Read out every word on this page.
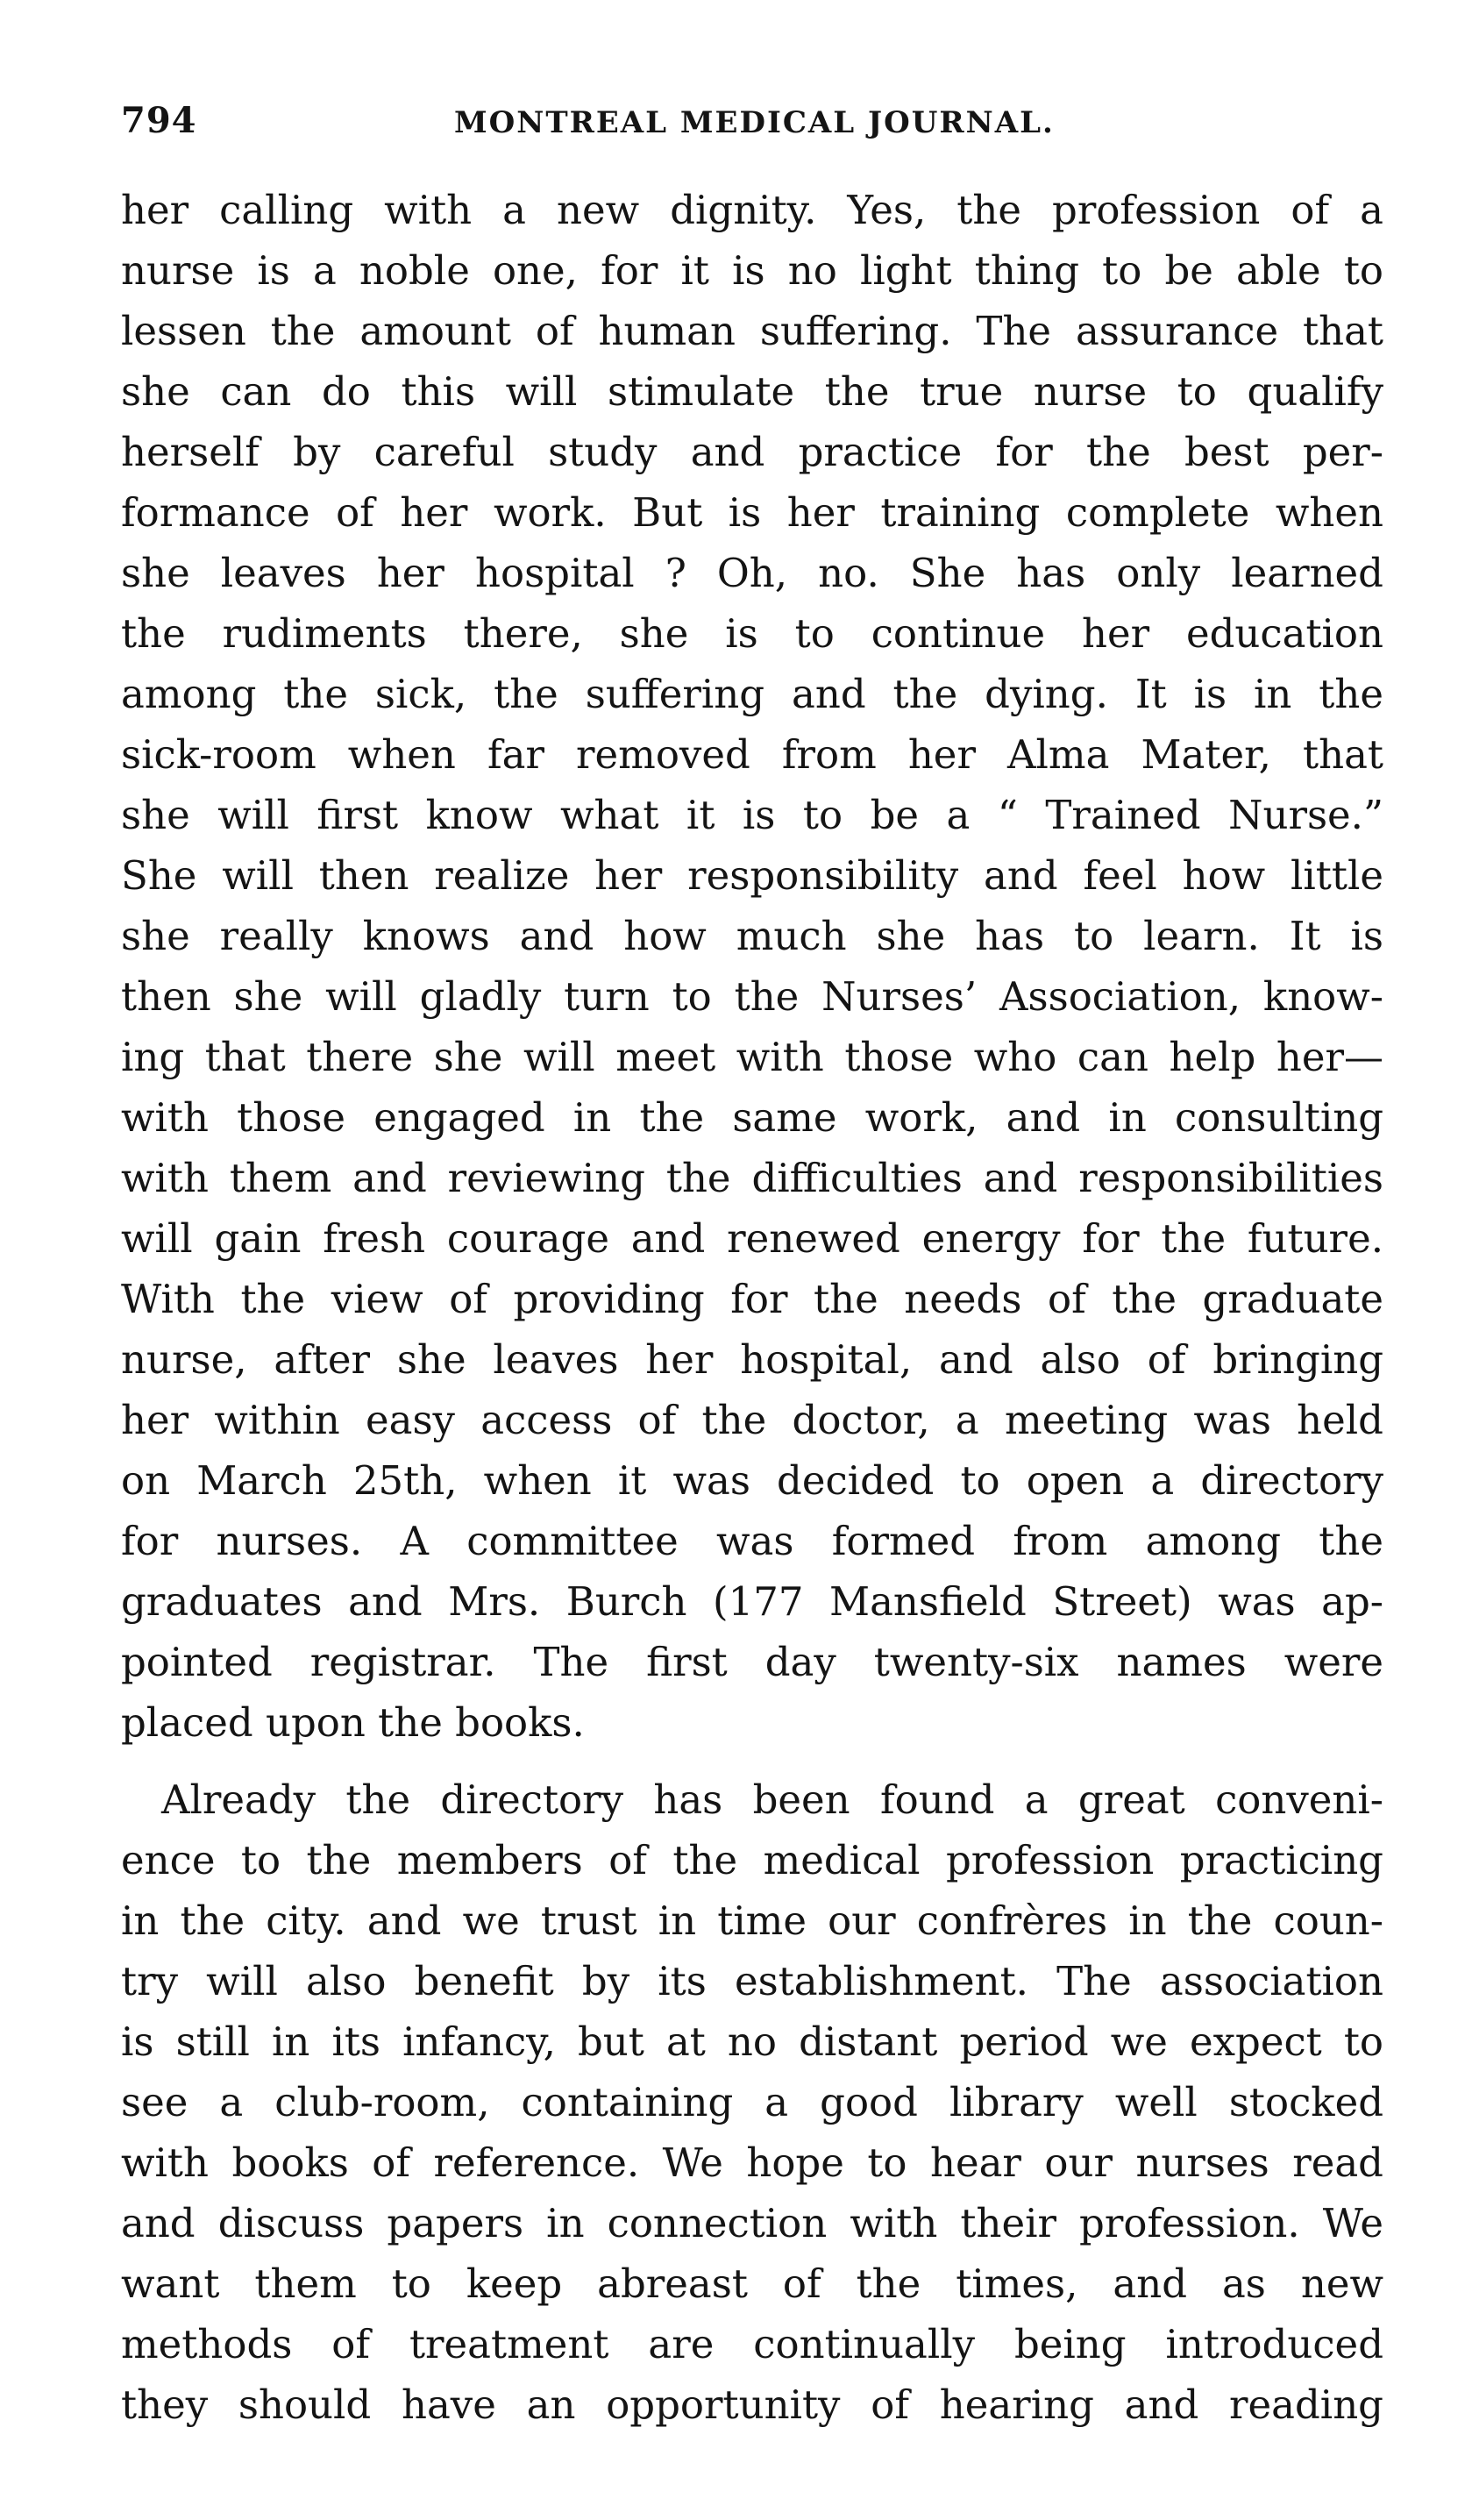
794	MONTREAL MEDICAL JOURNAL.
her calling with a new dignity. Yes, the profession of a
nurse is a noble one, for it is no light thing to be able to
lessen the amount of human suffering. The assurance that
she can do this will stimulate the true nurse to qualify
herself by careful study and practice for the best per-
formance of her work. But is her training complete when
she leaves her hospital ? Oh, no. She has only learned
the rudiments there, she is to continue her education
among the sick, the suffering and the dying. It is in the
sick-room when far removed from her Alma Mater, that
she will first know what it is to be a “ Trained Nurse.”
She will then realize her responsibility and feel how little
she really knows and how much she has to learn. It is
then she will gladly turn to the Nurses’ Association, know-
ing that there she will meet with those who can help her—
with those engaged in the same work, and in consulting
with them and reviewing the difficulties and responsibilities
will gain fresh courage and renewed energy for the future.
With the view of providing for the needs of the graduate
nurse, after she leaves her hospital, and also of bringing
her within easy access of the doctor, a meeting was held
on March 25th, when it was decided to open a directory
for nurses. A committee was formed from among the
graduates and Mrs. Burch (177 Mansfield Street) was ap-
pointed registrar. The first day twenty-six names were
placed upon the books.
Already the directory has been found a great conveni-
ence to the members of the medical profession practicing
in the city. and we trust in time our confrères in the coun-
try will also benefit by its establishment. The association
is still in its infancy, but at no distant period we expect to
see a club-room, containing a good library well stocked
with books of reference. We hope to hear our nurses read
and discuss papers in connection with their profession. We
want them to keep abreast of the times, and as new
methods of treatment are continually being introduced
they should have an opportunity of hearing and reading
